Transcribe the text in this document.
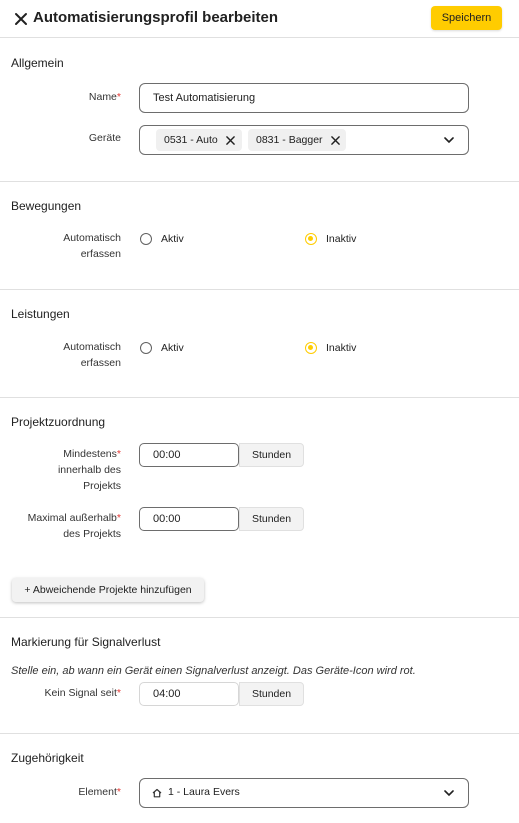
Automatisierungsprofil bearbeiten	Speichern
Allgemein
Name*	Test Automatisierung
Geräte	0531 - Auto	0831 - Bagger
Bewegungen
Automatisch
erfassen
Aktiv	Inaktiv
Leistungen
Automatisch
erfassen
Aktiv	Inaktiv
Projektzuordnung
Mindestens*
innerhalb des
Projekts
00:00	Stunden
Maximal außerhalb*
des Projekts
00:00	Stunden
+ Abweichende Projekte hinzufügen
Markierung für Signalverlust
Stelle ein, ab wann ein Gerät einen Signalverlust anzeigt. Das Geräte-Icon wird rot.
Kein Signal seit*	04:00	Stunden
Zugehörigkeit
Element*	1 - Laura Evers
